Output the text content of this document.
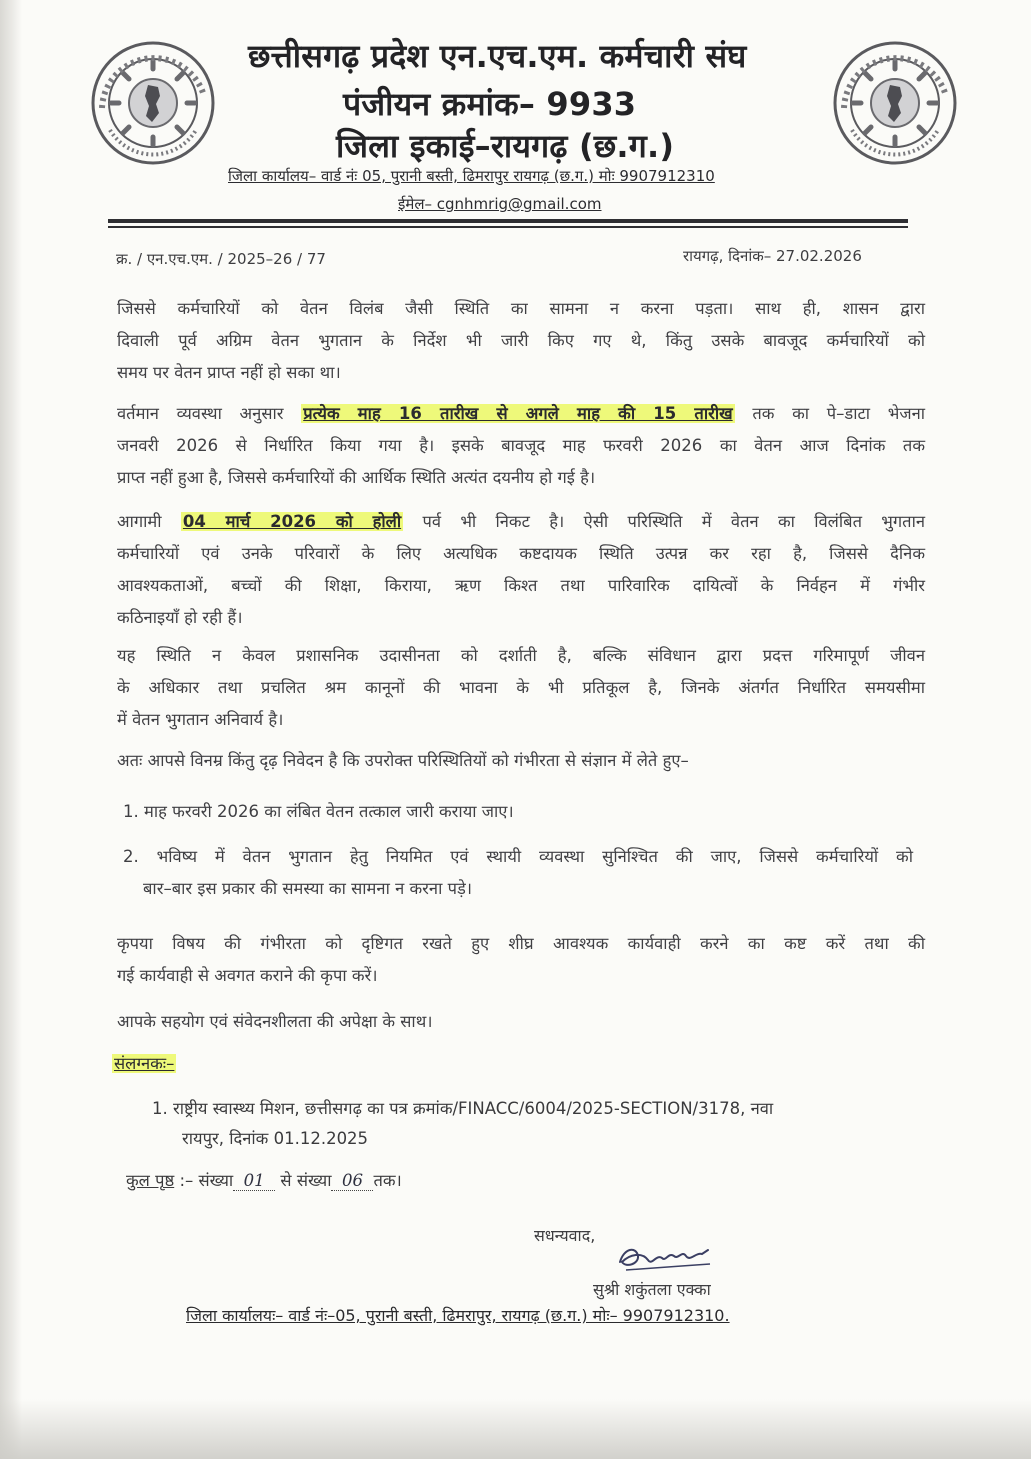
छत्तीसगढ़ प्रदेश एन.एच.एम. कर्मचारी संघ
पंजीयन क्रमांक– 9933
जिला इकाई–रायगढ़ (छ.ग.)
जिला कार्यालय– वार्ड नंः 05, पुरानी बस्ती, ढिमरापुर रायगढ़ (छ.ग.) मोः 9907912310
ईमेल– cgnhmrig@gmail.com
क्र. / एन.एच.एम. / 2025–26 / 77	रायगढ़, दिनांक– 27.02.2026
जिससे कर्मचारियों को वेतन विलंब जैसी स्थिति का सामना न करना पड़ता। साथ ही, शासन द्वारा
दिवाली पूर्व अग्रिम वेतन भुगतान के निर्देश भी जारी किए गए थे, किंतु उसके बावजूद कर्मचारियों को
समय पर वेतन प्राप्त नहीं हो सका था।
वर्तमान व्यवस्था अनुसार प्रत्येक माह 16 तारीख से अगले माह की 15 तारीख तक का पे–डाटा भेजना
जनवरी 2026 से निर्धारित किया गया है। इसके बावजूद माह फरवरी 2026 का वेतन आज दिनांक तक
प्राप्त नहीं हुआ है, जिससे कर्मचारियों की आर्थिक स्थिति अत्यंत दयनीय हो गई है।
आगामी 04 मार्च 2026 को होली पर्व भी निकट है। ऐसी परिस्थिति में वेतन का विलंबित भुगतान
कर्मचारियों एवं उनके परिवारों के लिए अत्यधिक कष्टदायक स्थिति उत्पन्न कर रहा है, जिससे दैनिक
आवश्यकताओं, बच्चों की शिक्षा, किराया, ऋण किश्त तथा पारिवारिक दायित्वों के निर्वहन में गंभीर
कठिनाइयाँ हो रही हैं।
यह स्थिति न केवल प्रशासनिक उदासीनता को दर्शाती है, बल्कि संविधान द्वारा प्रदत्त गरिमापूर्ण जीवन
के अधिकार तथा प्रचलित श्रम कानूनों की भावना के भी प्रतिकूल है, जिनके अंतर्गत निर्धारित समयसीमा
में वेतन भुगतान अनिवार्य है।
अतः आपसे विनम्र किंतु दृढ़ निवेदन है कि उपरोक्त परिस्थितियों को गंभीरता से संज्ञान में लेते हुए–
1. माह फरवरी 2026 का लंबित वेतन तत्काल जारी कराया जाए।
2. भविष्य में वेतन भुगतान हेतु नियमित एवं स्थायी व्यवस्था सुनिश्चित की जाए, जिससे कर्मचारियों को
बार–बार इस प्रकार की समस्या का सामना न करना पड़े।
कृपया विषय की गंभीरता को दृष्टिगत रखते हुए शीघ्र आवश्यक कार्यवाही करने का कष्ट करें तथा की
गई कार्यवाही से अवगत कराने की कृपा करें।
आपके सहयोग एवं संवेदनशीलता की अपेक्षा के साथ।
संलग्नकः–
1. राष्ट्रीय स्वास्थ्य मिशन, छत्तीसगढ़ का पत्र क्रमांक/FINACC/6004/2025-SECTION/3178, नवा
रायपुर, दिनांक 01.12.2025
कुल पृष्ठ :– संख्या 01 से संख्या 06 तक।
सधन्यवाद,
सुश्री शकुंतला एक्का
जिला कार्यालयः– वार्ड नंः–05, पुरानी बस्ती, ढिमरापुर, रायगढ़ (छ.ग.) मोः– 9907912310.
